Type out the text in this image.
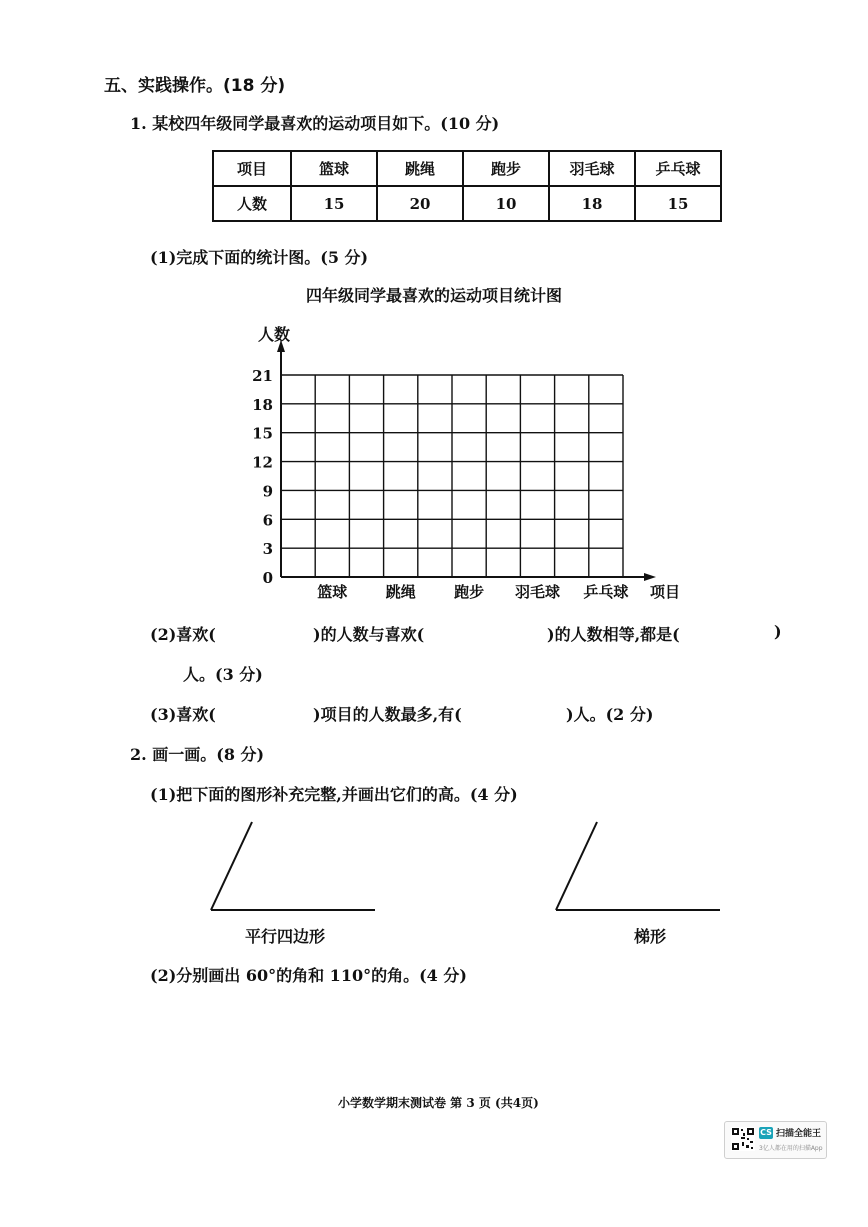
五、实践操作。(18 分)
1. 某校四年级同学最喜欢的运动项目如下。(10 分)
项目	篮球	跳绳	跑步	羽毛球	乒乓球
人数	15	20	10	18	15
(1)完成下面的统计图。(5 分)
四年级同学最喜欢的运动项目统计图
人数
0
3
6
9
12
15
18
21
篮球	跳绳	跑步 羽毛球 乒乓球 项目
(2)喜欢(	)的人数与喜欢(	)的人数相等,都是(	)
人。(3 分)
(3)喜欢(	)项目的人数最多,有(	)人。(2 分)
2. 画一画。(8 分)
(1)把下面的图形补充完整,并画出它们的高。(4 分)
平行四边形	梯形
(2)分别画出 60°的角和 110°的角。(4 分)
小学数学期末测试卷 第 3 页 (共4页)
CS 扫描全能王
3亿人都在用的扫描App
